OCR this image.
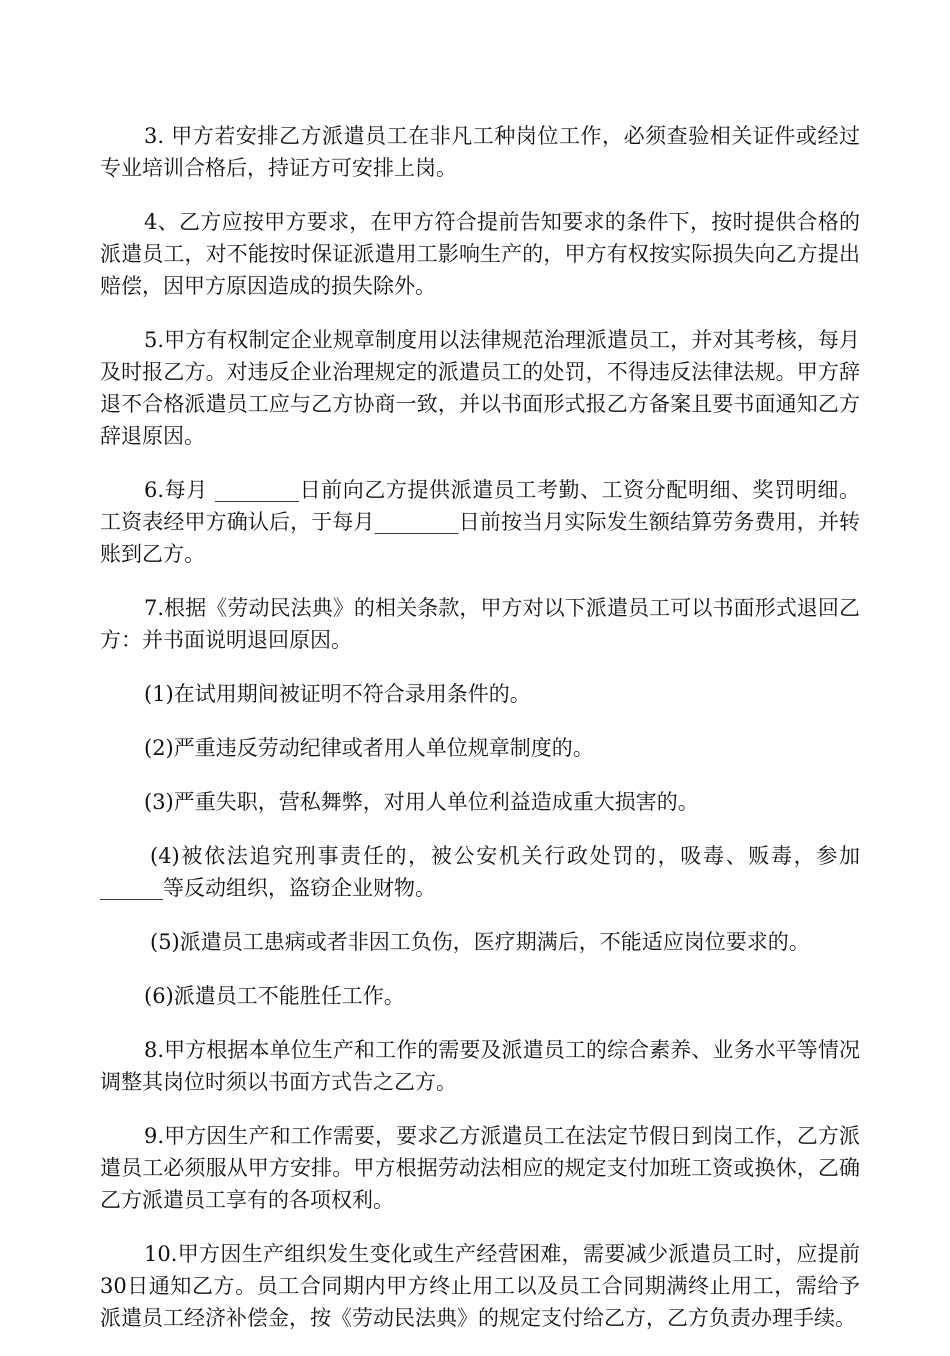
3. 甲方若安排乙方派遣员工在非凡工种岗位工作，必须查验相关证件或经过专业培训合格后，持证方可安排上岗。

4、乙方应按甲方要求，在甲方符合提前告知要求的条件下，按时提供合格的派遣员工，对不能按时保证派遣用工影响生产的，甲方有权按实际损失向乙方提出赔偿，因甲方原因造成的损失除外。

5.甲方有权制定企业规章制度用以法律规范治理派遣员工，并对其考核，每月及时报乙方。对违反企业治理规定的派遣员工的处罚，不得违反法律法规。甲方辞退不合格派遣员工应与乙方协商一致，并以书面形式报乙方备案且要书面通知乙方辞退原因。

6.每月 ________日前向乙方提供派遣员工考勤、工资分配明细、奖罚明细。工资表经甲方确认后，于每月________日前按当月实际发生额结算劳务费用，并转账到乙方。

7.根据《劳动民法典》的相关条款，甲方对以下派遣员工可以书面形式退回乙方：并书面说明退回原因。

(1)在试用期间被证明不符合录用条件的。

(2)严重违反劳动纪律或者用人单位规章制度的。

(3)严重失职，营私舞弊，对用人单位利益造成重大损害的。

(4)被依法追究刑事责任的，被公安机关行政处罚的，吸毒、贩毒，参加______等反动组织，盗窃企业财物。

(5)派遣员工患病或者非因工负伤，医疗期满后，不能适应岗位要求的。

(6)派遣员工不能胜任工作。

8.甲方根据本单位生产和工作的需要及派遣员工的综合素养、业务水平等情况调整其岗位时须以书面方式告之乙方。

9.甲方因生产和工作需要，要求乙方派遣员工在法定节假日到岗工作，乙方派遣员工必须服从甲方安排。甲方根据劳动法相应的规定支付加班工资或换休，乙确乙方派遣员工享有的各项权利。

10.甲方因生产组织发生变化或生产经营困难，需要减少派遣员工时，应提前30日通知乙方。员工合同期内甲方终止用工以及员工合同期满终止用工，需给予派遣员工经济补偿金，按《劳动民法典》的规定支付给乙方，乙方负责办理手续。
